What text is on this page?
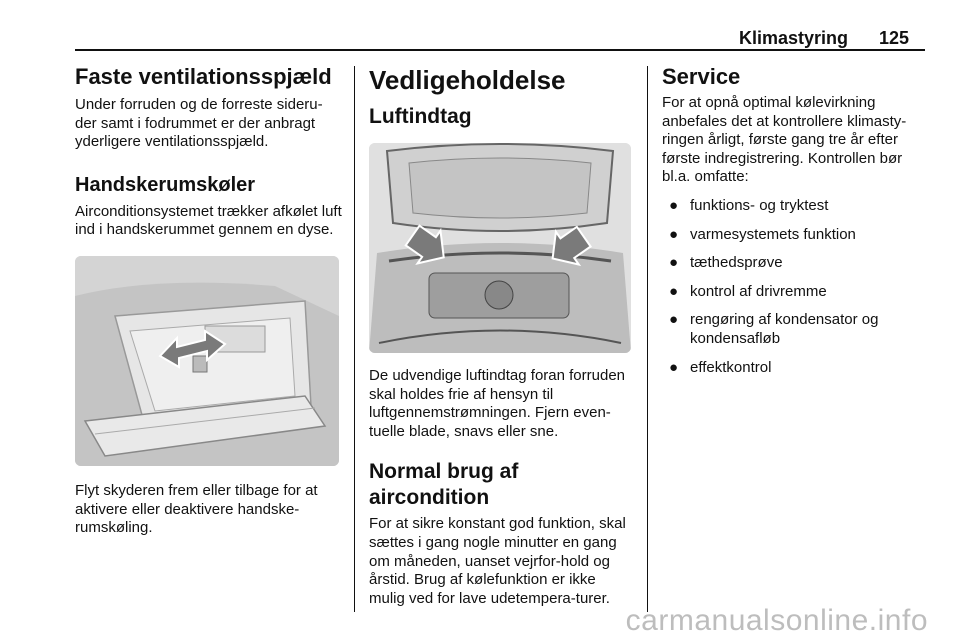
Klimastyring 125
Faste ventilationsspjæld

Under forruden og de forreste sideru-der samt i fodrummet er der anbragt yderligere ventilationsspjæld.

Handskerumskøler

Airconditionsystemet trækker afkølet luft ind i handskerummet gennem en dyse.

Flyt skyderen frem eller tilbage for at aktivere eller deaktivere handske-rumskøling.

Vedligeholdelse
Luftindtag

De udvendige luftindtag foran forruden skal holdes frie af hensyn til luftgennemstrømningen. Fjern even-tuelle blade, snavs eller sne.

Normal brug af aircondition

For at sikre konstant god funktion, skal sættes i gang nogle minutter en gang om måneden, uanset vejrfor-hold og årstid. Brug af kølefunktion er ikke mulig ved for lave udetempera-turer.

Service

For at opnå optimal kølevirkning anbefales det at kontrollere klimasty-ringen årligt, første gang tre år efter første indregistrering. Kontrollen bør bl.a. omfatte:

● funktions- og tryktest
● varmesystemets funktion
● tæthedsprøve
● kontrol af drivremme
● rengøring af kondensator og kondensafløb
● effektkontrol
carmanualsonline.info
